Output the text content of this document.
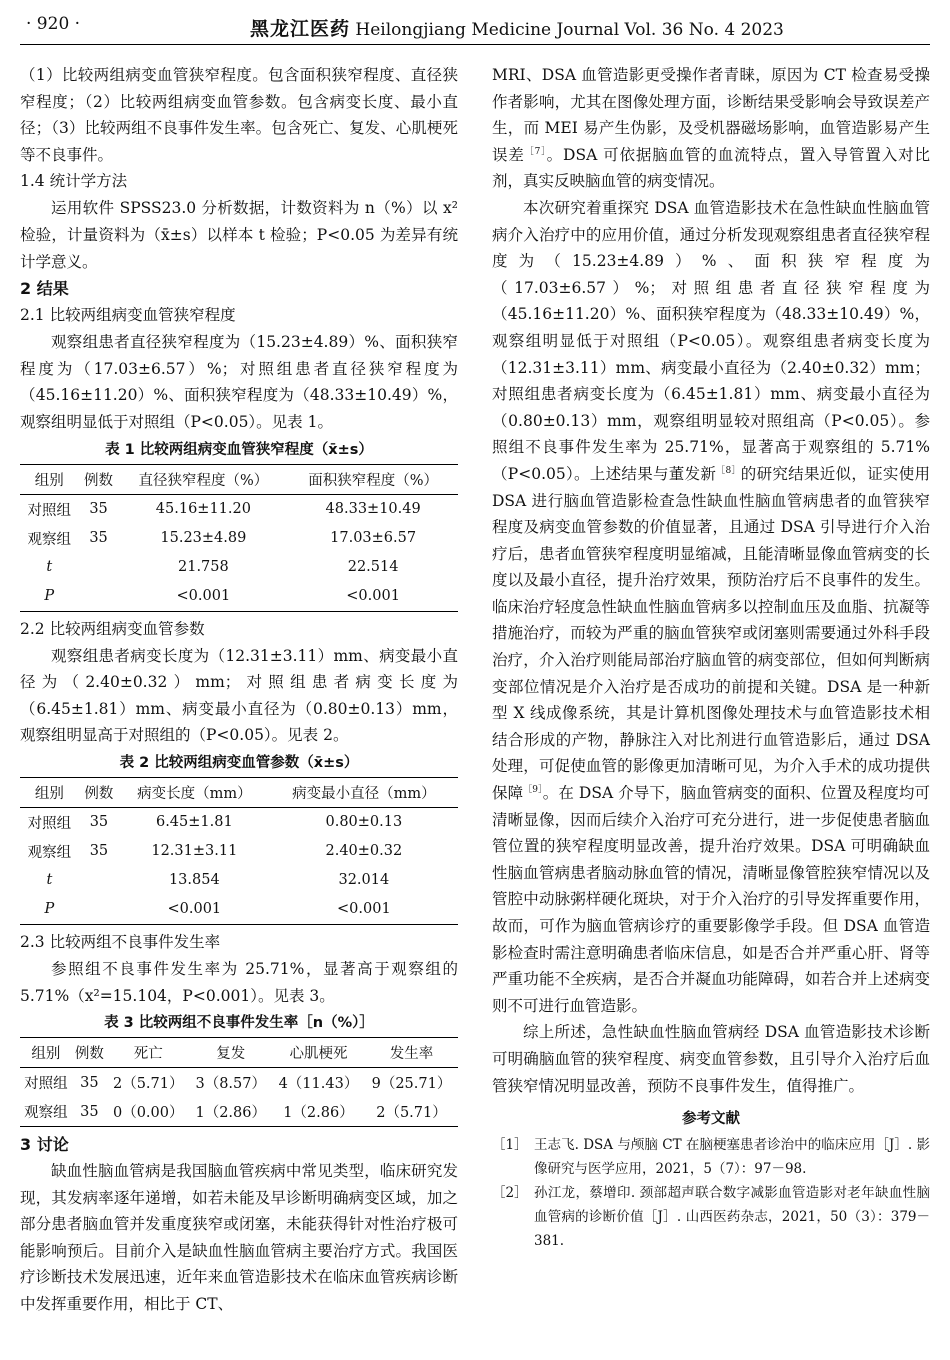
· 920 ·	黑龙江医药 Heilongjiang Medicine Journal Vol. 36 No. 4 2023

（1）比较两组病变血管狭窄程度。包含面积狭窄程度、直径狭窄程度；（2）比较两组病变血管参数。包含病变长度、最小直径；（3）比较两组不良事件发生率。包含死亡、复发、心肌梗死等不良事件。

1.4 统计学方法

运用软件 SPSS23.0 分析数据，计数资料为 n（%）以 x² 检验，计量资料为（x̄±s）以样本 t 检验；P<0.05 为差异有统计学意义。

2 结果
2.1 比较两组病变血管狭窄程度

观察组患者直径狭窄程度为（15.23±4.89）%、面积狭窄程度为（17.03±6.57）%；对照组患者直径狭窄程度为（45.16±11.20）%、面积狭窄程度为（48.33±10.49）%，观察组明显低于对照组（P<0.05）。见表 1。

表 1 比较两组病变血管狭窄程度（x̄±s）
组别	例数	直径狭窄程度（%）	面积狭窄程度（%）
对照组	35	45.16±11.20	48.33±10.49
观察组	35	15.23±4.89	17.03±6.57
t		21.758	22.514
P		<0.001	<0.001
2.2 比较两组病变血管参数

观察组患者病变长度为（12.31±3.11）mm、病变最小直径为（2.40±0.32）mm；对照组患者病变长度为（6.45±1.81）mm、病变最小直径为（0.80±0.13）mm，观察组明显高于对照组的（P<0.05）。见表 2。

表 2 比较两组病变血管参数（x̄±s）
组别	例数	病变长度（mm）	病变最小直径（mm）
对照组	35	6.45±1.81	0.80±0.13
观察组	35	12.31±3.11	2.40±0.32
t		13.854	32.014
P		<0.001	<0.001
2.3 比较两组不良事件发生率

参照组不良事件发生率为 25.71%，显著高于观察组的 5.71%（x²=15.104，P<0.001）。见表 3。

表 3 比较两组不良事件发生率［n（%）］
组别	例数	死亡	复发	心肌梗死	发生率
对照组	35	2（5.71）	3（8.57）	4（11.43）	9（25.71）
观察组	35	0（0.00）	1（2.86）	1（2.86）	2（5.71）
3 讨论

缺血性脑血管病是我国脑血管疾病中常见类型，临床研究发现，其发病率逐年递增，如若未能及早诊断明确病变区域，加之部分患者脑血管并发重度狭窄或闭塞，未能获得针对性治疗极可能影响预后。目前介入是缺血性脑血管病主要治疗方式。我国医疗诊断技术发展迅速，近年来血管造影技术在临床血管疾病诊断中发挥重要作用，相比于 CT、

MRI、DSA 血管造影更受操作者青睐，原因为 CT 检查易受操作者影响，尤其在图像处理方面，诊断结果受影响会导致误差产生，而 MEI 易产生伪影，及受机器磁场影响，血管造影易产生误差$^{[7]}$。DSA 可依据脑血管的血流特点，置入导管置入对比剂，真实反映脑血管的病变情况。

本次研究着重探究 DSA 血管造影技术在急性缺血性脑血管病介入治疗中的应用价值，通过分析发现观察组患者直径狭窄程度为（15.23±4.89）%、面积狭窄程度为（17.03±6.57）%；对照组患者直径狭窄程度为（45.16±11.20）%、面积狭窄程度为（48.33±10.49）%，观察组明显低于对照组（P<0.05）。观察组患者病变长度为（12.31±3.11）mm、病变最小直径为（2.40±0.32）mm；对照组患者病变长度为（6.45±1.81）mm、病变最小直径为（0.80±0.13）mm，观察组明显较对照组高（P<0.05）。参照组不良事件发生率为 25.71%，显著高于观察组的 5.71%（P<0.05）。上述结果与董发新$^{[8]}$的研究结果近似，证实使用 DSA 进行脑血管造影检查急性缺血性脑血管病患者的血管狭窄程度及病变血管参数的价值显著，且通过 DSA 引导进行介入治疗后，患者血管狭窄程度明显缩减，且能清晰显像血管病变的长度以及最小直径，提升治疗效果，预防治疗后不良事件的发生。临床治疗轻度急性缺血性脑血管病多以控制血压及血脂、抗凝等措施治疗，而较为严重的脑血管狭窄或闭塞则需要通过外科手段治疗，介入治疗则能局部治疗脑血管的病变部位，但如何判断病变部位情况是介入治疗是否成功的前提和关键。DSA 是一种新型 X 线成像系统，其是计算机图像处理技术与血管造影技术相结合形成的产物，静脉注入对比剂进行血管造影后，通过 DSA 处理，可促使血管的影像更加清晰可见，为介入手术的成功提供保障$^{[9]}$。在 DSA 介导下，脑血管病变的面积、位置及程度均可清晰显像，因而后续介入治疗可充分进行，进一步促使患者脑血管位置的狭窄程度明显改善，提升治疗效果。DSA 可明确缺血性脑血管病患者脑动脉血管的情况，清晰显像管腔狭窄情况以及管腔中动脉粥样硬化斑块，对于介入治疗的引导发挥重要作用，故而，可作为脑血管病诊疗的重要影像学手段。但 DSA 血管造影检查时需注意明确患者临床信息，如是否合并严重心肝、肾等严重功能不全疾病，是否合并凝血功能障碍，如若合并上述病变则不可进行血管造影。

综上所述，急性缺血性脑血管病经 DSA 血管造影技术诊断可明确脑血管的狭窄程度、病变血管参数，且引导介入治疗后血管狭窄情况明显改善，预防不良事件发生，值得推广。

参考文献
［1］ 王志飞. DSA 与颅脑 CT 在脑梗塞患者诊治中的临床应用［J］. 影像研究与医学应用，2021，5（7）：97－98.
［2］ 孙江龙，蔡增印. 颈部超声联合数字减影血管造影对老年缺血性脑血管病的诊断价值［J］. 山西医药杂志，2021，50（3）：379－381.
